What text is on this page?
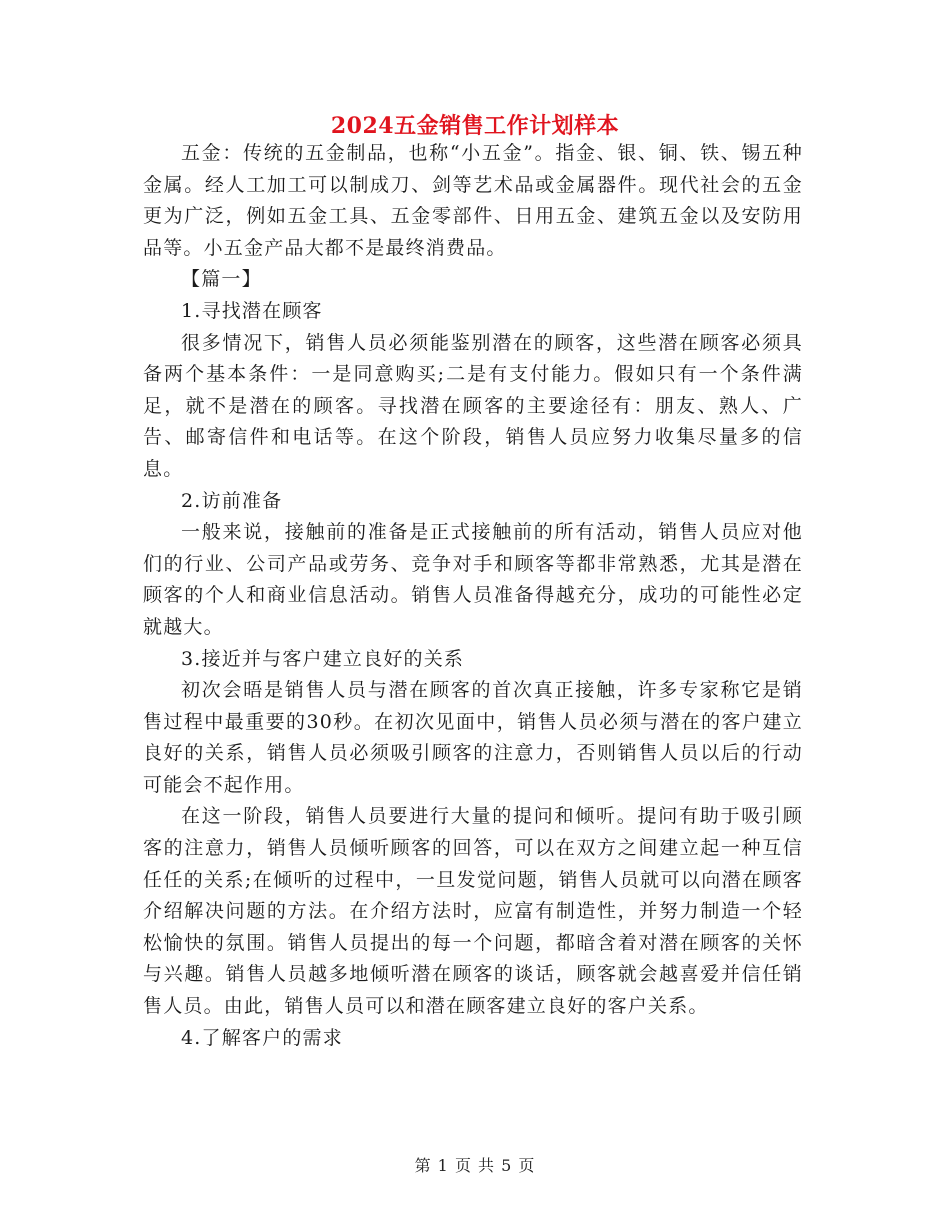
2024五金销售工作计划样本

五金：传统的五金制品，也称“小五金”。指金、银、铜、铁、锡五种金属。经人工加工可以制成刀、剑等艺术品或金属器件。现代社会的五金更为广泛，例如五金工具、五金零部件、日用五金、建筑五金以及安防用品等。小五金产品大都不是最终消费品。

【篇一】

1.寻找潜在顾客

很多情况下，销售人员必须能鉴别潜在的顾客，这些潜在顾客必须具备两个基本条件：一是同意购买;二是有支付能力。假如只有一个条件满足，就不是潜在的顾客。寻找潜在顾客的主要途径有：朋友、熟人、广告、邮寄信件和电话等。在这个阶段，销售人员应努力收集尽量多的信息。

2.访前准备

一般来说，接触前的准备是正式接触前的所有活动，销售人员应对他们的行业、公司产品或劳务、竞争对手和顾客等都非常熟悉，尤其是潜在顾客的个人和商业信息活动。销售人员准备得越充分，成功的可能性必定就越大。

3.接近并与客户建立良好的关系

初次会晤是销售人员与潜在顾客的首次真正接触，许多专家称它是销售过程中最重要的30秒。在初次见面中，销售人员必须与潜在的客户建立良好的关系，销售人员必须吸引顾客的注意力，否则销售人员以后的行动可能会不起作用。

在这一阶段，销售人员要进行大量的提问和倾听。提问有助于吸引顾客的注意力，销售人员倾听顾客的回答，可以在双方之间建立起一种互信任任的关系;在倾听的过程中，一旦发觉问题，销售人员就可以向潜在顾客介绍解决问题的方法。在介绍方法时，应富有制造性，并努力制造一个轻松愉快的氛围。销售人员提出的每一个问题，都暗含着对潜在顾客的关怀与兴趣。销售人员越多地倾听潜在顾客的谈话，顾客就会越喜爱并信任销售人员。由此，销售人员可以和潜在顾客建立良好的客户关系。

4.了解客户的需求

第 1 页 共 5 页
